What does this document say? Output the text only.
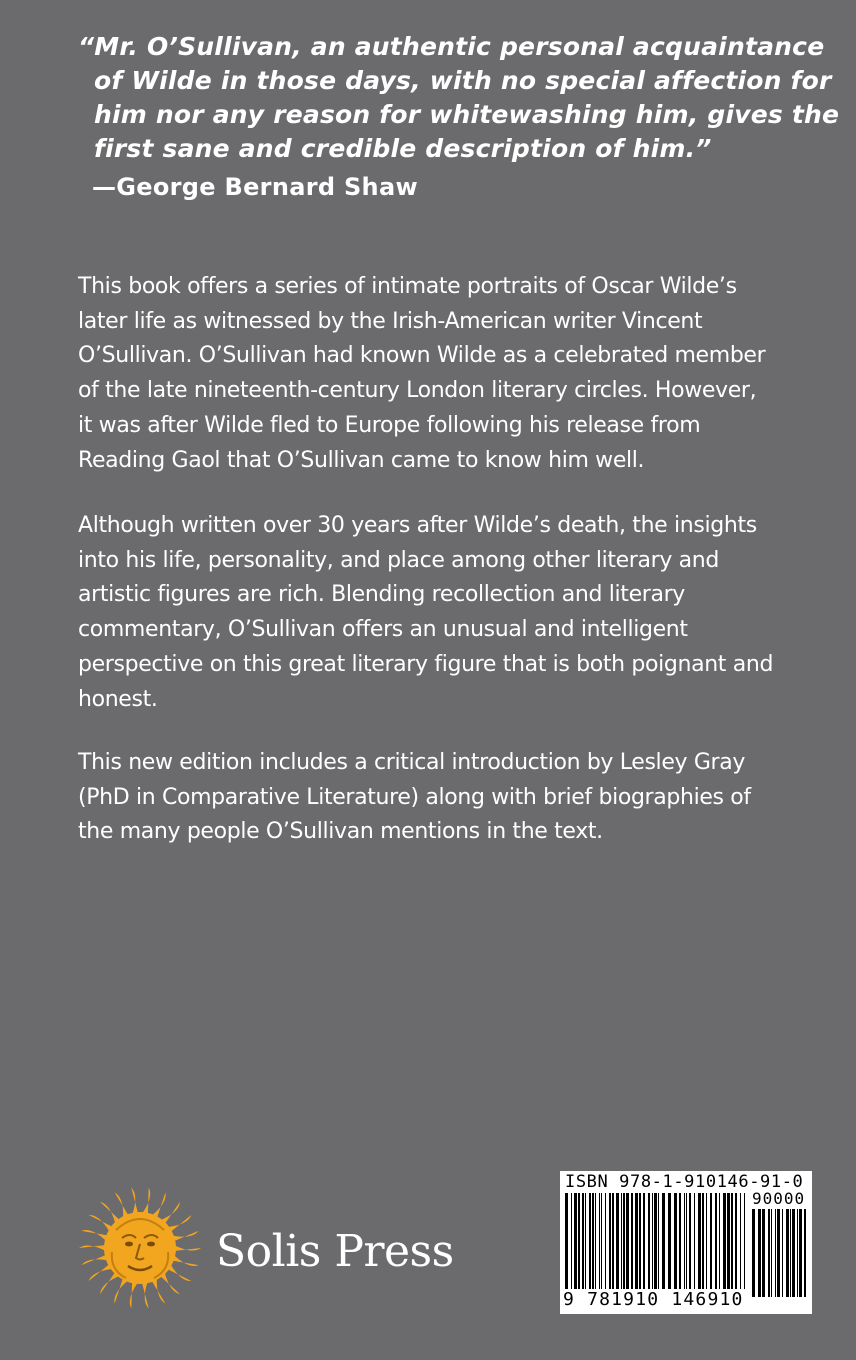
“Mr. O’Sullivan, an authentic personal acquaintance
of Wilde in those days, with no special affection for
him nor any reason for whitewashing him, gives the
first sane and credible description of him.”
—George Bernard Shaw
This book offers a series of intimate portraits of Oscar Wilde’s
later life as witnessed by the Irish-American writer Vincent
O’Sullivan. O’Sullivan had known Wilde as a celebrated member
of the late nineteenth-century London literary circles. However,
it was after Wilde fled to Europe following his release from
Reading Gaol that O’Sullivan came to know him well.
Although written over 30 years after Wilde’s death, the insights
into his life, personality, and place among other literary and
artistic figures are rich. Blending recollection and literary
commentary, O’Sullivan offers an unusual and intelligent
perspective on this great literary figure that is both poignant and
honest.
This new edition includes a critical introduction by Lesley Gray
(PhD in Comparative Literature) along with brief biographies of
the many people O’Sullivan mentions in the text.
Solis Press
ISBN 978-1-910146-91-0
90000
9 781910 146910
